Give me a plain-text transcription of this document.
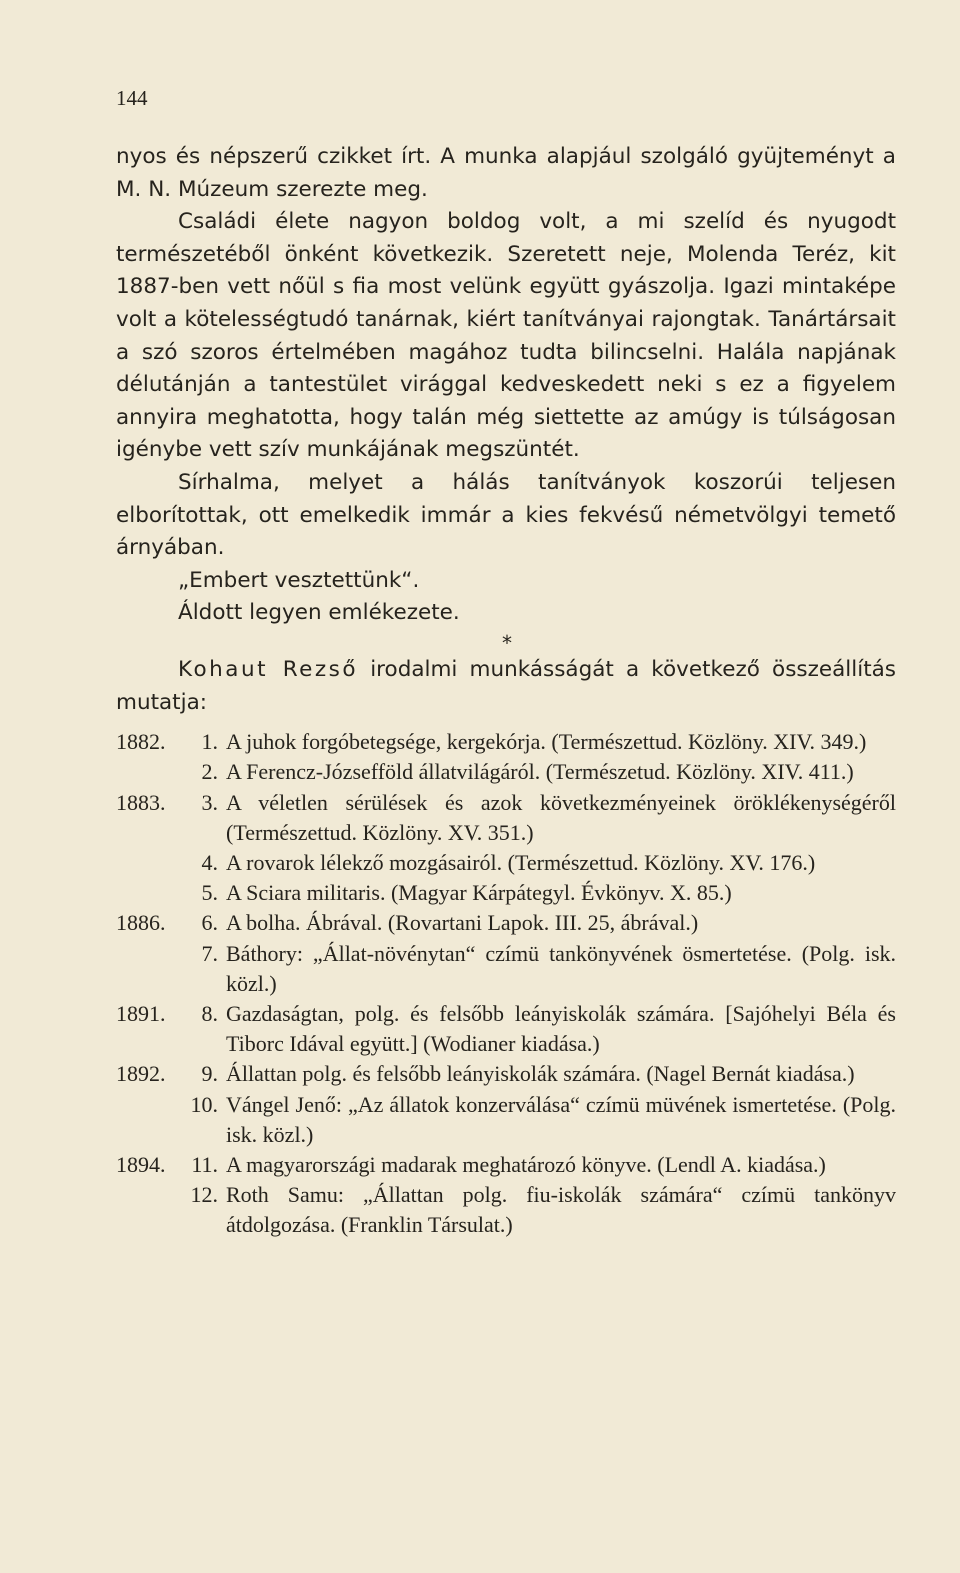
144

nyos és népszerű czikket írt. A munka alapjául szolgáló gyüjteményt a M. N. Múzeum szerezte meg.

Családi élete nagyon boldog volt, a mi szelíd és nyugodt természetéből önként következik. Szeretett neje, Molenda Teréz, kit 1887-ben vett nőül s fia most velünk együtt gyászolja. Igazi mintaképe volt a kötelességtudó tanárnak, kiért tanítványai rajongtak. Tanártársait a szó szoros értelmében magához tudta bilincselni. Halála napjának délutánján a tantestület virággal kedveskedett neki s ez a figyelem annyira meghatotta, hogy talán még siettette az amúgy is túlságosan igénybe vett szív munkájának megszüntét.

Sírhalma, melyet a hálás tanítványok koszorúi teljesen elborítottak, ott emelkedik immár a kies fekvésű németvölgyi temető árnyában.

„Embert vesztettünk“.

Áldott legyen emlékezete.

*

Kohaut Rezső irodalmi munkásságát a következő összeállítás mutatja:

1882.	1. A juhok forgóbetegsége, kergekórja. (Természettud. Közlöny. XIV. 349.)
2. A Ferencz-Józsefföld állatvilágáról. (Természetud. Közlöny. XIV. 411.)
1883.	3. A véletlen sérülések és azok következményeinek öröklékenységéről (Természettud. Közlöny. XV. 351.)
4. A rovarok lélekző mozgásairól. (Természettud. Közlöny. XV. 176.)
5. A Sciara militaris. (Magyar Kárpátegyl. Évkönyv. X. 85.)
1886.	6. A bolha. Ábrával. (Rovartani Lapok. III. 25, ábrával.)
7. Báthory: „Állat-növénytan“ czímü tankönyvének ösmertetése. (Polg. isk. közl.)
1891.	8. Gazdaságtan, polg. és felsőbb leányiskolák számára. [Sajóhelyi Béla és Tiborc Idával együtt.] (Wodianer kiadása.)
1892.	9. Állattan polg. és felsőbb leányiskolák számára. (Nagel Bernát kiadása.)
10. Vángel Jenő: „Az állatok konzerválása“ czímü müvének ismertetése. (Polg. isk. közl.)
1894.	11. A magyarországi madarak meghatározó könyve. (Lendl A. kiadása.)
12. Roth Samu: „Állattan polg. fiu-iskolák számára“ czímü tankönyv átdolgozása. (Franklin Társulat.)
